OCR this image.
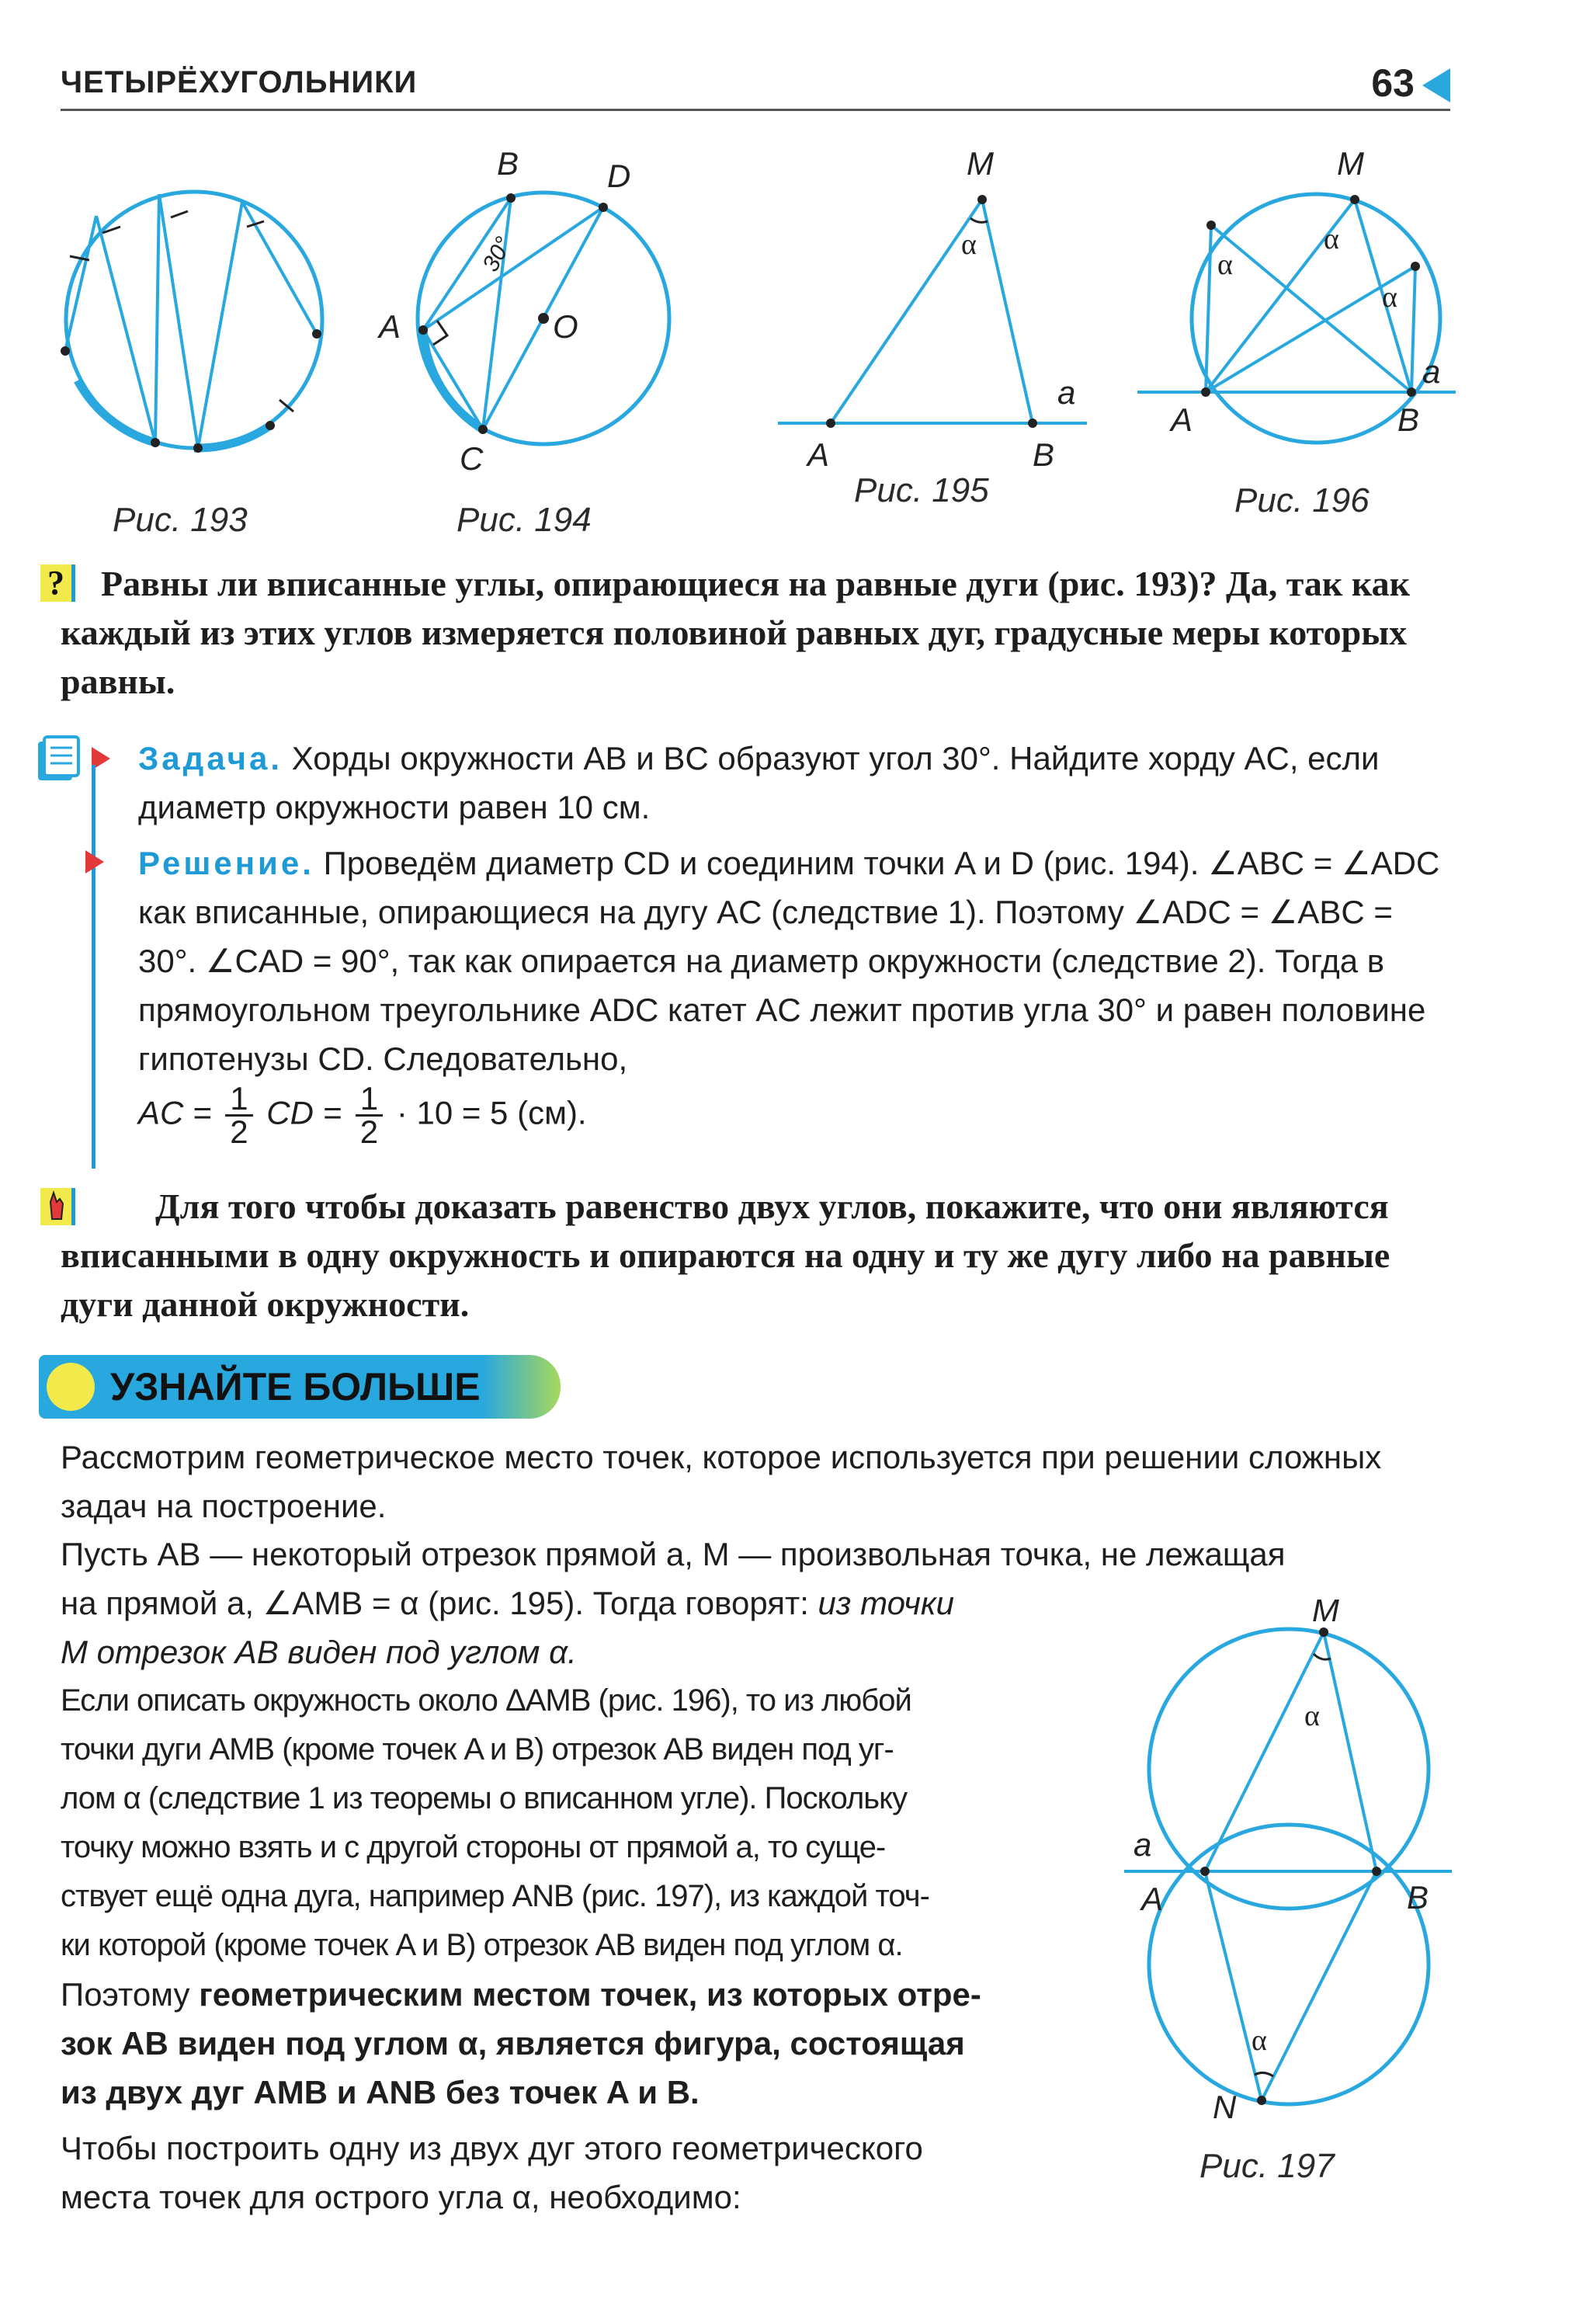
ЧЕТЫРЁХУГОЛЬНИКИ	63
Рис. 193
B	D
A	O
C
30°
Рис. 194
M
α
a
A	B
Рис. 195
M
α
α
α
a
A	B
Рис. 196
?	Равны ли вписанные углы, опирающиеся на равные дуги (рис. 193)? Да, так как каждый из этих углов измеряется половиной равных дуг, градусные меры которых равны.

Задача. Хорды окружности AB и BC образуют угол 30°. Найдите хорду AC, если диаметр окружности равен 10 см.

Решение. Проведём диаметр CD и соединим точки A и D (рис. 194). ∠ABC = ∠ADC как вписанные, опирающиеся на дугу AC (следствие 1). Поэтому ∠ADC = ∠ABC = 30°. ∠CAD = 90°, так как опирается на диаметр окружности (следствие 2). Тогда в прямоугольном треугольнике ADC катет AC лежит против угла 30° и равен половине гипотенузы CD. Следовательно,

AC = $\frac{1}{2}$ CD = $\frac{1}{2} \cdot 10 = 5$ (см).

Для того чтобы доказать равенство двух углов, покажите, что они являются вписанными в одну окружность и опираются на одну и ту же дугу либо на равные дуги данной окружности.

УЗНАЙТЕ БОЛЬШЕ

Рассмотрим геометрическое место точек, которое используется при решении сложных задач на построение.

Пусть AB — некоторый отрезок прямой a, M — произвольная точка, не лежащая

на прямой a, ∠AMB = α (рис. 195). Тогда говорят: из точки

M отрезок AB виден под углом α.

Если описать окружность около ΔAMB (рис. 196), то из любой
точки дуги AMB (кроме точек A и B) отрезок AB виден под уг-
лом α (следствие 1 из теоремы о вписанном угле). Поскольку
точку можно взять и с другой стороны от прямой a, то суще-
ствует ещё одна дуга, например ANB (рис. 197), из каждой точ-
ки которой (кроме точек A и B) отрезок AB виден под углом α.
Поэтому геометрическим местом точек, из которых отре-
зок AB виден под углом α, является фигура, состоящая
из двух дуг AMB и ANB без точек A и B.
Чтобы построить одну из двух дуг этого геометрического
места точек для острого угла α, необходимо:
M
α
a
A	B
α
N
Рис. 197
